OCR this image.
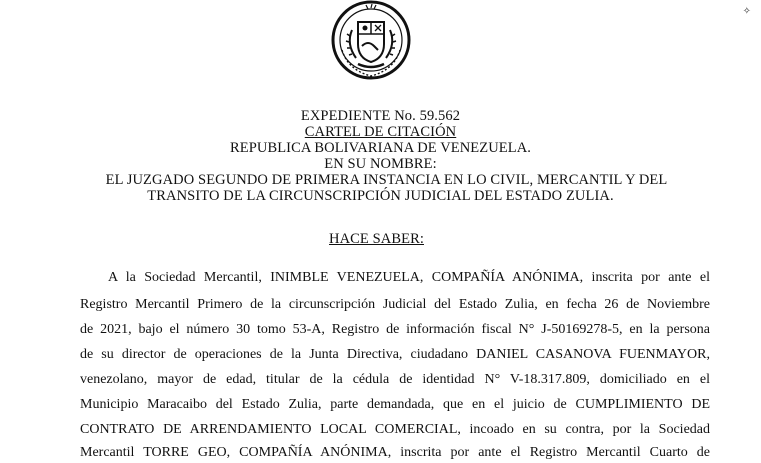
✧
EXPEDIENTE No. 59.562
CARTEL DE CITACIÓN
REPUBLICA BOLIVARIANA DE VENEZUELA.
EN SU NOMBRE:
EL JUZGADO SEGUNDO DE PRIMERA INSTANCIA EN LO CIVIL, MERCANTIL Y DEL
TRANSITO DE LA CIRCUNSCRIPCIÓN JUDICIAL DEL ESTADO ZULIA.
HACE SABER:
A la Sociedad Mercantil, INIMBLE VENEZUELA, COMPAÑÍA ANÓNIMA, inscrita por ante el
Registro Mercantil Primero de la circunscripción Judicial del Estado Zulia, en fecha 26 de Noviembre
de 2021, bajo el número 30 tomo 53-A, Registro de información fiscal N° J-50169278-5, en la persona
de su director de operaciones de la Junta Directiva, ciudadano DANIEL CASANOVA FUENMAYOR,
venezolano, mayor de edad, titular de la cédula de identidad N° V-18.317.809, domiciliado en el
Municipio Maracaibo del Estado Zulia, parte demandada, que en el juicio de CUMPLIMIENTO DE
CONTRATO DE ARRENDAMIENTO LOCAL COMERCIAL, incoado en su contra, por la Sociedad
Mercantil TORRE GEO, COMPAÑÍA ANÓNIMA, inscrita por ante el Registro Mercantil Cuarto de
